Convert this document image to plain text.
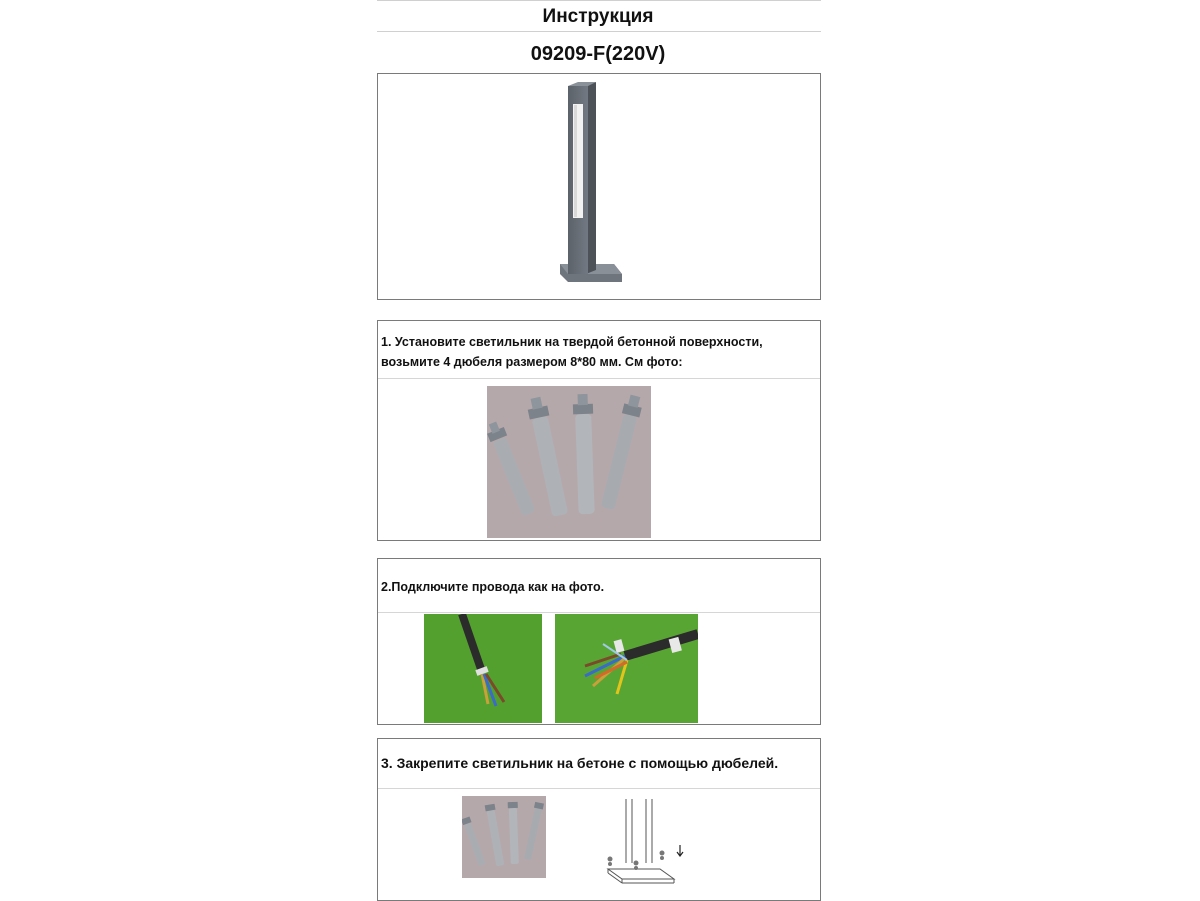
Инструкция
09209-F(220V)
1. Установите светильник на твердой бетонной поверхности, возьмите 4 дюбеля размером 8*80 мм. См фото:
2.Подключите провода как на фото.
3. Закрепите светильник на бетоне с помощью дюбелей.
